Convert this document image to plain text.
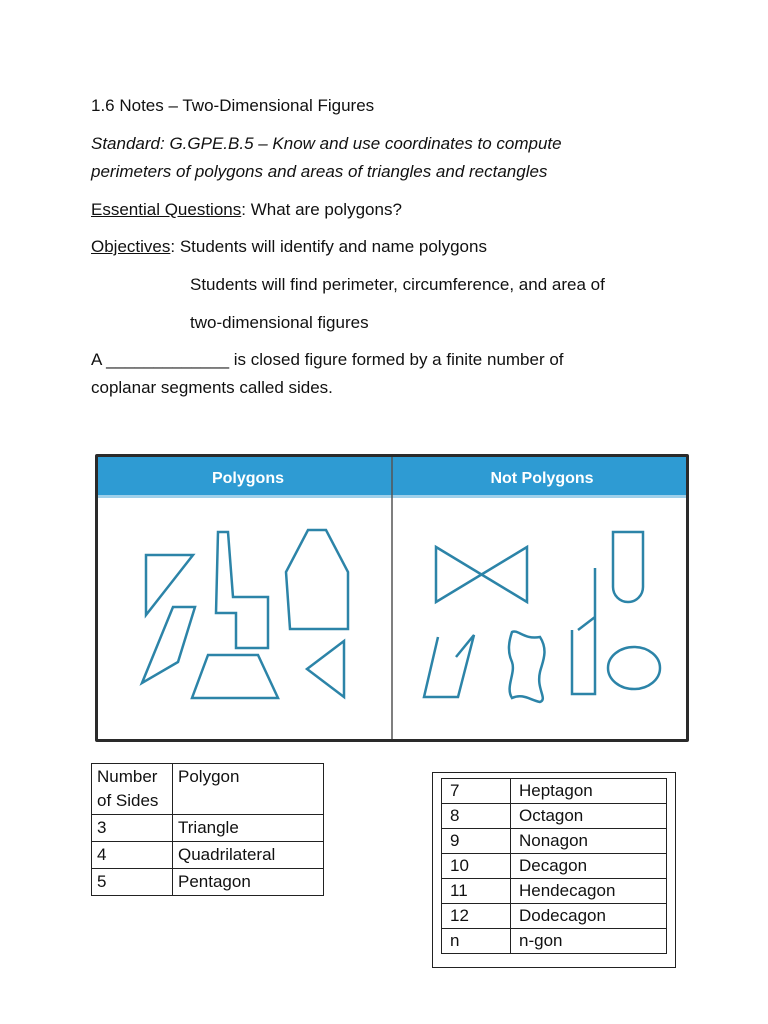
1.6 Notes – Two-Dimensional Figures
Standard: G.GPE.B.5 – Know and use coordinates to compute
perimeters of polygons and areas of triangles and rectangles
Essential Questions: What are polygons?
Objectives: Students will identify and name polygons
Students will find perimeter, circumference, and area of
two-dimensional figures
A _____________ is closed figure formed by a finite number of
coplanar segments called sides.
Polygons	Not Polygons
Number of Sides	Polygon
3	Triangle
4	Quadrilateral
5	Pentagon
7	Heptagon
8	Octagon
9	Nonagon
10	Decagon
11	Hendecagon
12	Dodecagon
n	n-gon
